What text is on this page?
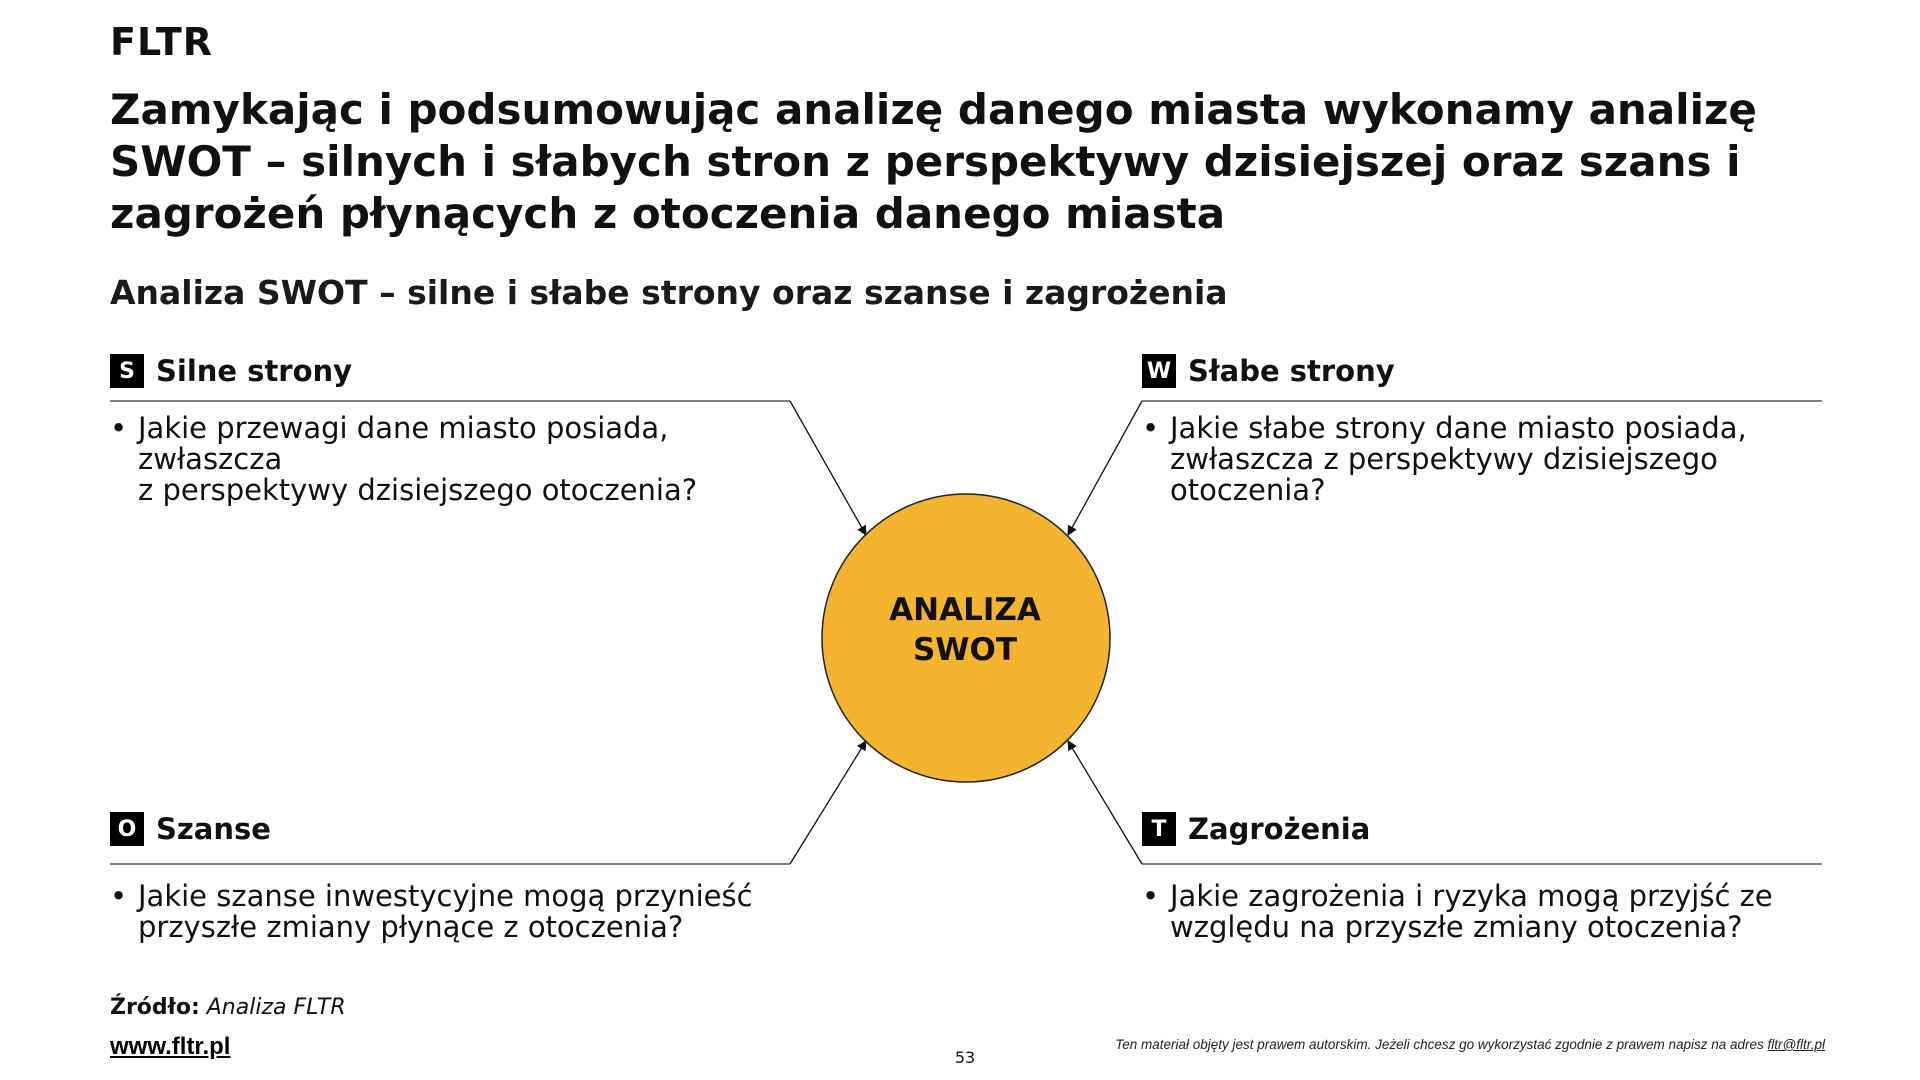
FLTR
Zamykając i podsumowując analizę danego miasta wykonamy analizę SWOT – silnych i słabych stron z perspektywy dzisiejszej oraz szans i zagrożeń płynących z otoczenia danego miasta
Analiza SWOT – silne i słabe strony oraz szanse i zagrożenia
ANALIZA
SWOT
S Silne strony
• Jakie przewagi dane miasto posiada, zwłaszcza
z perspektywy dzisiejszego otoczenia?
W Słabe strony
• Jakie słabe strony dane miasto posiada,
zwłaszcza z perspektywy dzisiejszego
otoczenia?
O Szanse
• Jakie szanse inwestycyjne mogą przynieść
przyszłe zmiany płynące z otoczenia?
T Zagrożenia
• Jakie zagrożenia i ryzyka mogą przyjść ze
względu na przyszłe zmiany otoczenia?
Źródło: Analiza FLTR
www.fltr.pl	53
Ten materiał objęty jest prawem autorskim. Jeżeli chcesz go wykorzystać zgodnie z prawem napisz na adres fltr@fltr.pl
